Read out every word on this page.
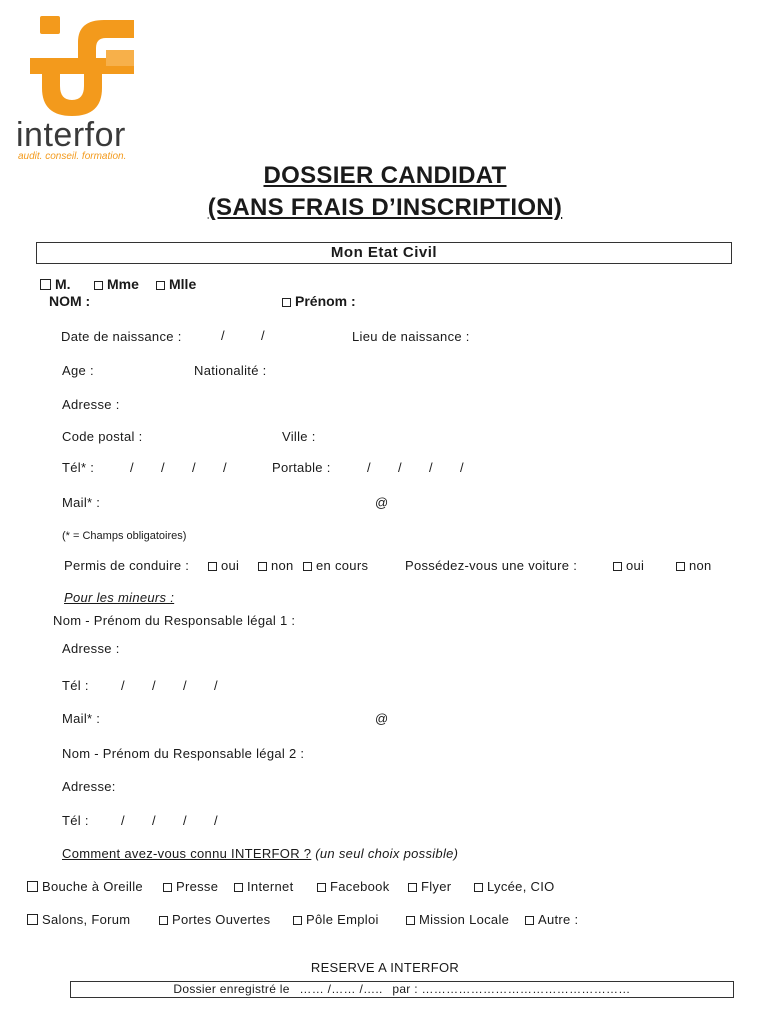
interfor
audit. conseil. formation.
DOSSIER CANDIDAT
(SANS FRAIS D’INSCRIPTION)
Mon Etat Civil
M.	Mme	Mlle
NOM :	Prénom :
Date de naissance :	/	/	Lieu de naissance :
Age :	Nationalité :
Adresse :
Code postal :	Ville :
Tél* :	/ / / /	Portable :	/ / / /
Mail* :	@
(* = Champs obligatoires)
Permis de conduire :	oui	non	en cours	Possédez-vous une voiture :	oui	non
Pour les mineurs :
Nom - Prénom du Responsable légal 1 :
Adresse :
Tél : / / / /
Mail* :	@
Nom - Prénom du Responsable légal 2 :
Adresse:
Tél : / / / /
Comment avez-vous connu INTERFOR ? (un seul choix possible)
Bouche à Oreille	Presse	Internet	Facebook	Flyer	Lycée, CIO
Salons, Forum	Portes Ouvertes	Pôle Emploi	Mission Locale	Autre :
RESERVE A INTERFOR
Dossier enregistré le …… /…… /….. par : ……………………………………………
